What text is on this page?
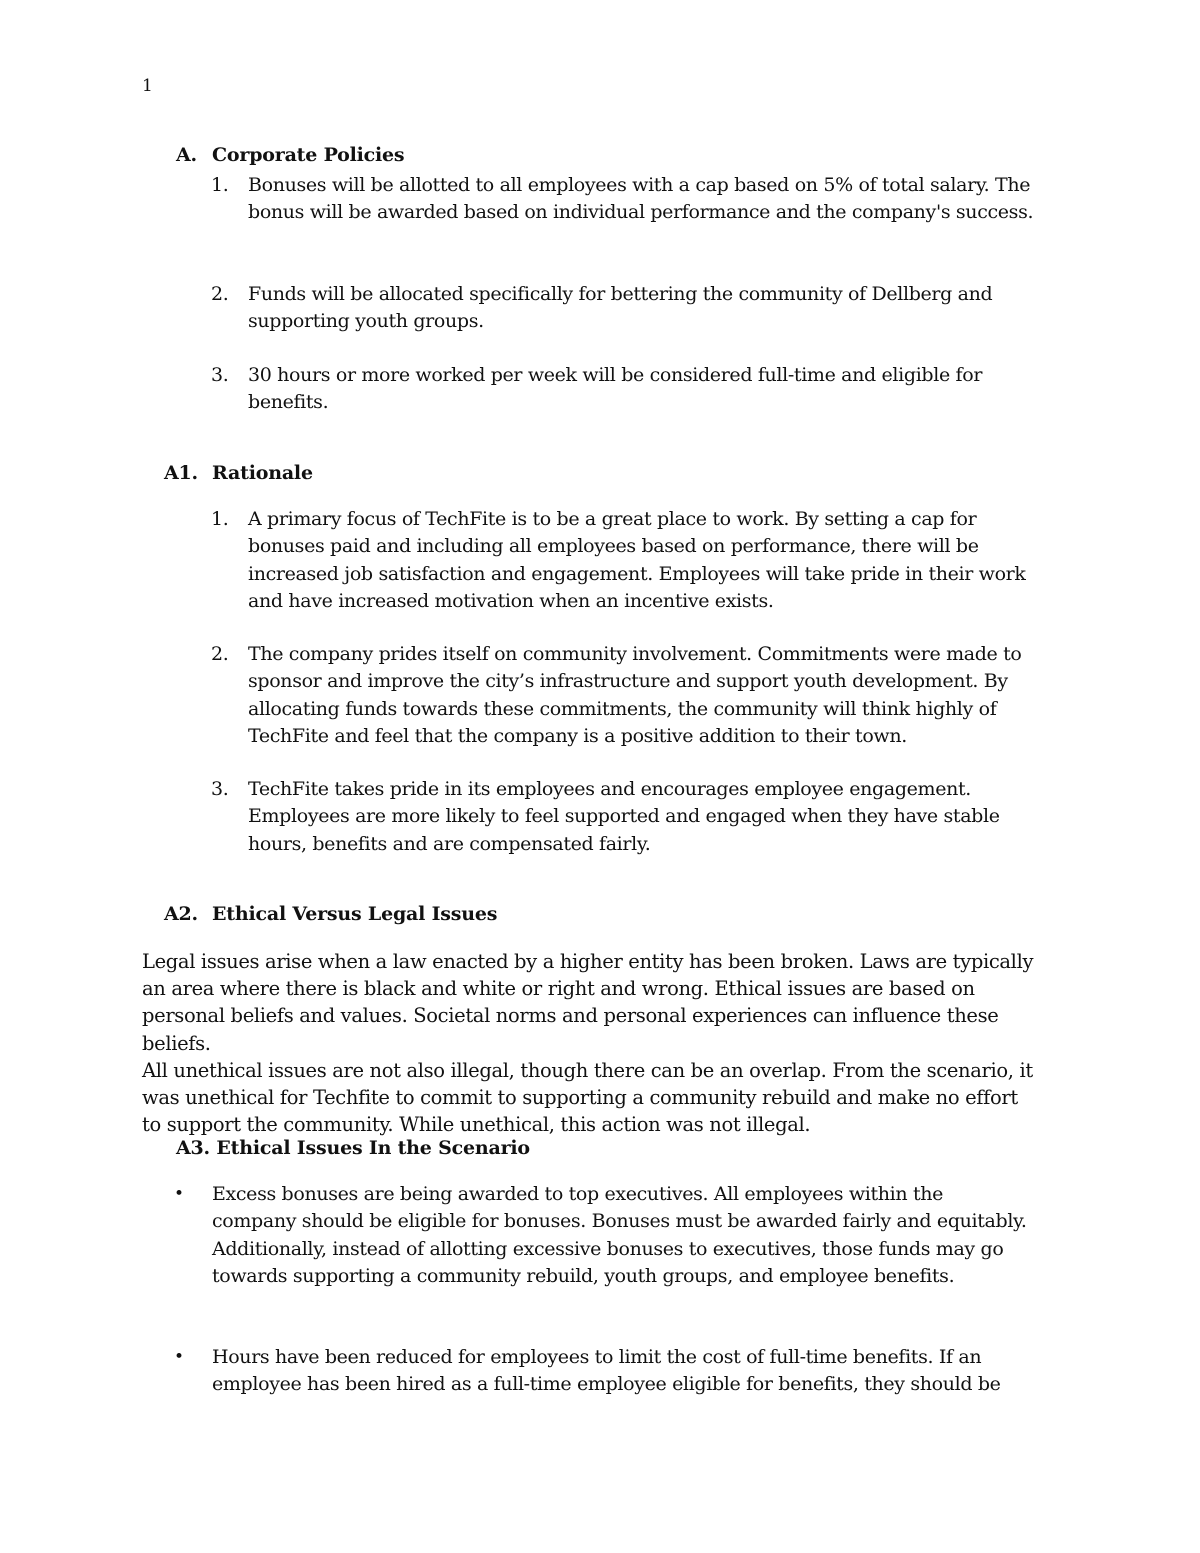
1
A. Corporate Policies
1. Bonuses will be allotted to all employees with a cap based on 5% of total salary. The bonus will be awarded based on individual performance and the company's success.
2. Funds will be allocated specifically for bettering the community of Dellberg and supporting youth groups.
3. 30 hours or more worked per week will be considered full-time and eligible for benefits.
A1. Rationale
1. A primary focus of TechFite is to be a great place to work. By setting a cap for bonuses paid and including all employees based on performance, there will be increased job satisfaction and engagement. Employees will take pride in their work and have increased motivation when an incentive exists.
2. The company prides itself on community involvement. Commitments were made to sponsor and improve the city’s infrastructure and support youth development. By allocating funds towards these commitments, the community will think highly of TechFite and feel that the company is a positive addition to their town.
3. TechFite takes pride in its employees and encourages employee engagement. Employees are more likely to feel supported and engaged when they have stable hours, benefits and are compensated fairly.
A2. Ethical Versus Legal Issues

Legal issues arise when a law enacted by a higher entity has been broken. Laws are typically an area where there is black and white or right and wrong. Ethical issues are based on personal beliefs and values. Societal norms and personal experiences can influence these beliefs.

All unethical issues are not also illegal, though there can be an overlap. From the scenario, it was unethical for Techfite to commit to supporting a community rebuild and make no effort to support the community. While unethical, this action was not illegal.

A3. Ethical Issues In the Scenario
• Excess bonuses are being awarded to top executives. All employees within the company should be eligible for bonuses. Bonuses must be awarded fairly and equitably. Additionally, instead of allotting excessive bonuses to executives, those funds may go towards supporting a community rebuild, youth groups, and employee benefits.
• Hours have been reduced for employees to limit the cost of full-time benefits. If an employee has been hired as a full-time employee eligible for benefits, they should be
